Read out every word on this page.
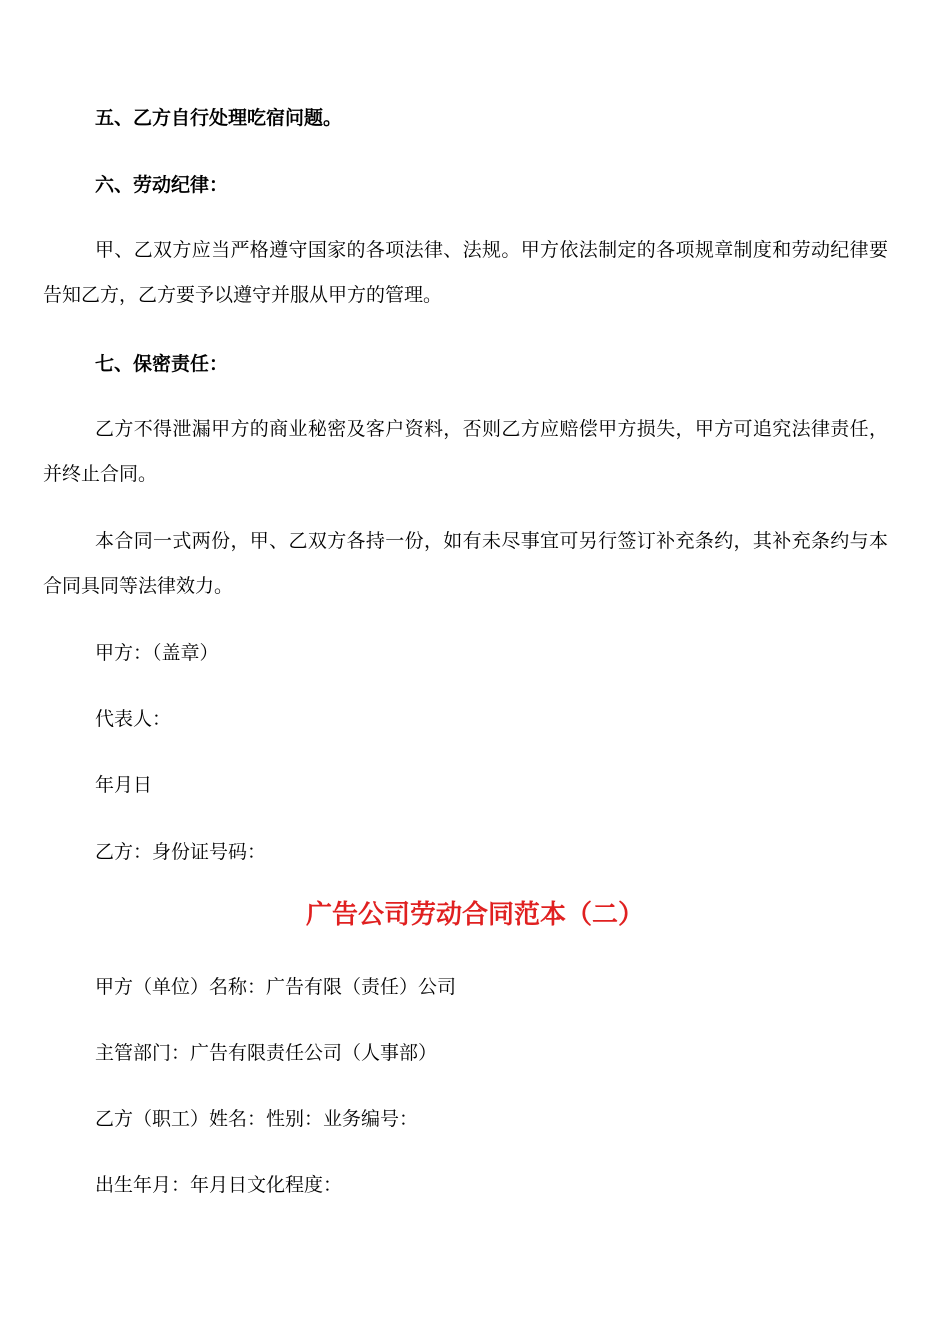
五、乙方自行处理吃宿问题。
六、劳动纪律：
甲、乙双方应当严格遵守国家的各项法律、法规。甲方依法制定的各项规章制度和劳动纪律要告知乙方，乙方要予以遵守并服从甲方的管理。
七、保密责任：
乙方不得泄漏甲方的商业秘密及客户资料，否则乙方应赔偿甲方损失，甲方可追究法律责任，并终止合同。
本合同一式两份，甲、乙双方各持一份，如有未尽事宜可另行签订补充条约，其补充条约与本合同具同等法律效力。
甲方：（盖章）
代表人：
年月日
乙方：身份证号码：
广告公司劳动合同范本（二）
甲方（单位）名称：广告有限（责任）公司
主管部门：广告有限责任公司（人事部）
乙方（职工）姓名：性别：业务编号：
出生年月：年月日文化程度：
